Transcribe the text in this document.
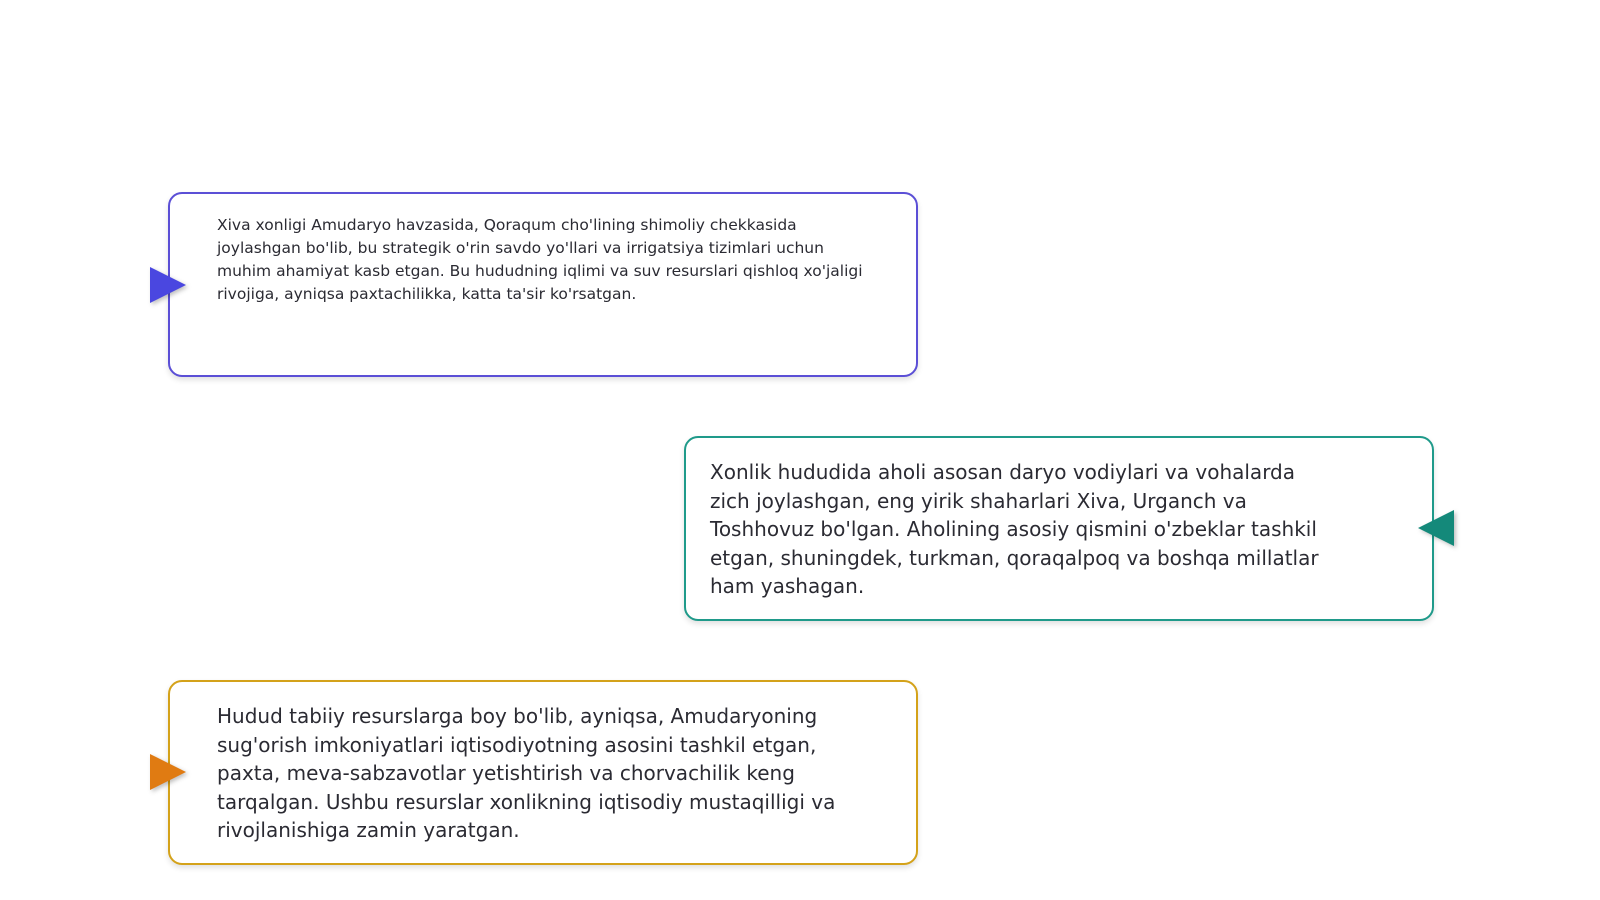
Xiva xonligi Amudaryo havzasida, Qoraqum cho'lining shimoliy chekkasida joylashgan bo'lib, bu strategik o'rin savdo yo'llari va irrigatsiya tizimlari uchun muhim ahamiyat kasb etgan. Bu hududning iqlimi va suv resurslari qishloq xo'jaligi rivojiga, ayniqsa paxtachilikka, katta ta'sir ko'rsatgan.

Xonlik hududida aholi asosan daryo vodiylari va vohalarda zich joylashgan, eng yirik shaharlari Xiva, Urganch va Toshhovuz bo'lgan. Aholining asosiy qismini o'zbeklar tashkil etgan, shuningdek, turkman, qoraqalpoq va boshqa millatlar ham yashagan.

Hudud tabiiy resurslarga boy bo'lib, ayniqsa, Amudaryoning sug'orish imkoniyatlari iqtisodiyotning asosini tashkil etgan, paxta, meva-sabzavotlar yetishtirish va chorvachilik keng tarqalgan. Ushbu resurslar xonlikning iqtisodiy mustaqilligi va rivojlanishiga zamin yaratgan.
